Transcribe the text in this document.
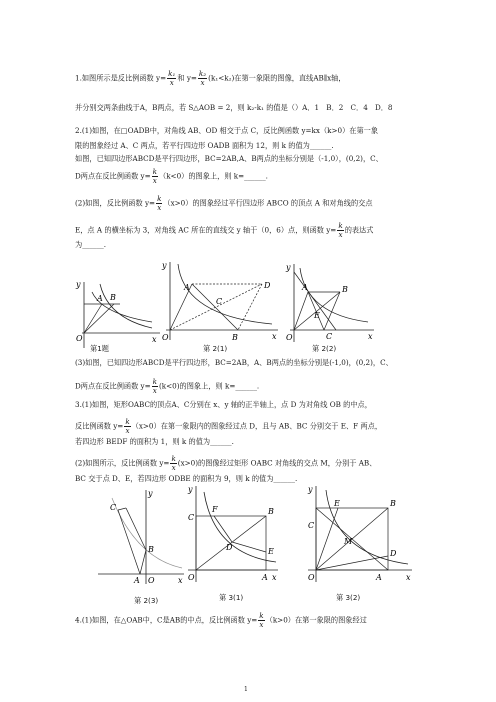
1.如图所示是反比例函数 $y= \frac{\text{k₁}}{x}$ 和 $y= \frac{\text{k₂}}{x} (k_1<k_2)$在第一象限的图像，直线AB∥x轴，
并分别交两条曲线于A，B两点，若 S△AOB = 2，则 k₂-k₁ 的值是（）A．1　B．2　C．4　D．8
2.(1)如图，在□OADB中，对角线 AB、OD 相交于点 C，反比例函数 y=kx（k>0）在第一象
限的图象经过 A、C 两点，若平行四边形 OADB 面积为 12，则 k 的值为______.
如图，已知四边形ABCD是平行四边形，BC=2AB,A、B两点的坐标分别是（-1,0），(0,2)，C、
D两点在反比例函数 $y= \frac{k}{x} (k<0)$的图象上，则 k=______.
(2)如图，反比例函数 $y= \frac{k}{x} (x>0)$的图象经过平行四边形 ABCO 的顶点 A 和对角线的交点
E，点 A 的横坐标为 3，对角线 AC 所在的直线交 y 轴于（0，6）点，则函数 $y= \frac{k}{x}$ 的表达式
为______.
y
x
O
A B
第1题
y
x
O
A
C
D
B
第 2(1)
y
x
O
A	B
E
C
第 2(2)
(3)如图，已知四边形ABCD是平行四边形，BC=2AB，A、B两点的坐标分别是(-1,0)，(0,2)，C、
D两点在反比例函数 $y= \frac{k}{x} (k<0)$的图象上，则 k=______.
3.(1)如图，矩形OABC的顶点A、C分别在 x、y 轴的正半轴上，点 D 为对角线 OB 的中点，
反比例函数 $y= \frac{k}{x} (x>0)$在第一象限内的图象经过点 D，且与 AB、BC 分别交于 E、F 两点，
若四边形 BEDF 的面积为 1，则 k 的值为______.
(2)如图所示，反比例函数 $y= \frac{k}{x} (x>0)$的图像经过矩形 OABC 对角线的交点 M，分别于 AB、
BC 交于点 D、E，若四边形 ODBE 的面积为 9，则 k 的值为______.
y
x
C
B
A O
第 2(3)
y
x
C
F	B
D	E
O	A
第 3(1)
y
x
C
E	B
M
D
O	A
第 3(2)
4.(1)如图，在△OAB中，C是AB的中点，反比例函数 $y= \frac{k}{x} (k>0)$在第一象限的图象经过
1
